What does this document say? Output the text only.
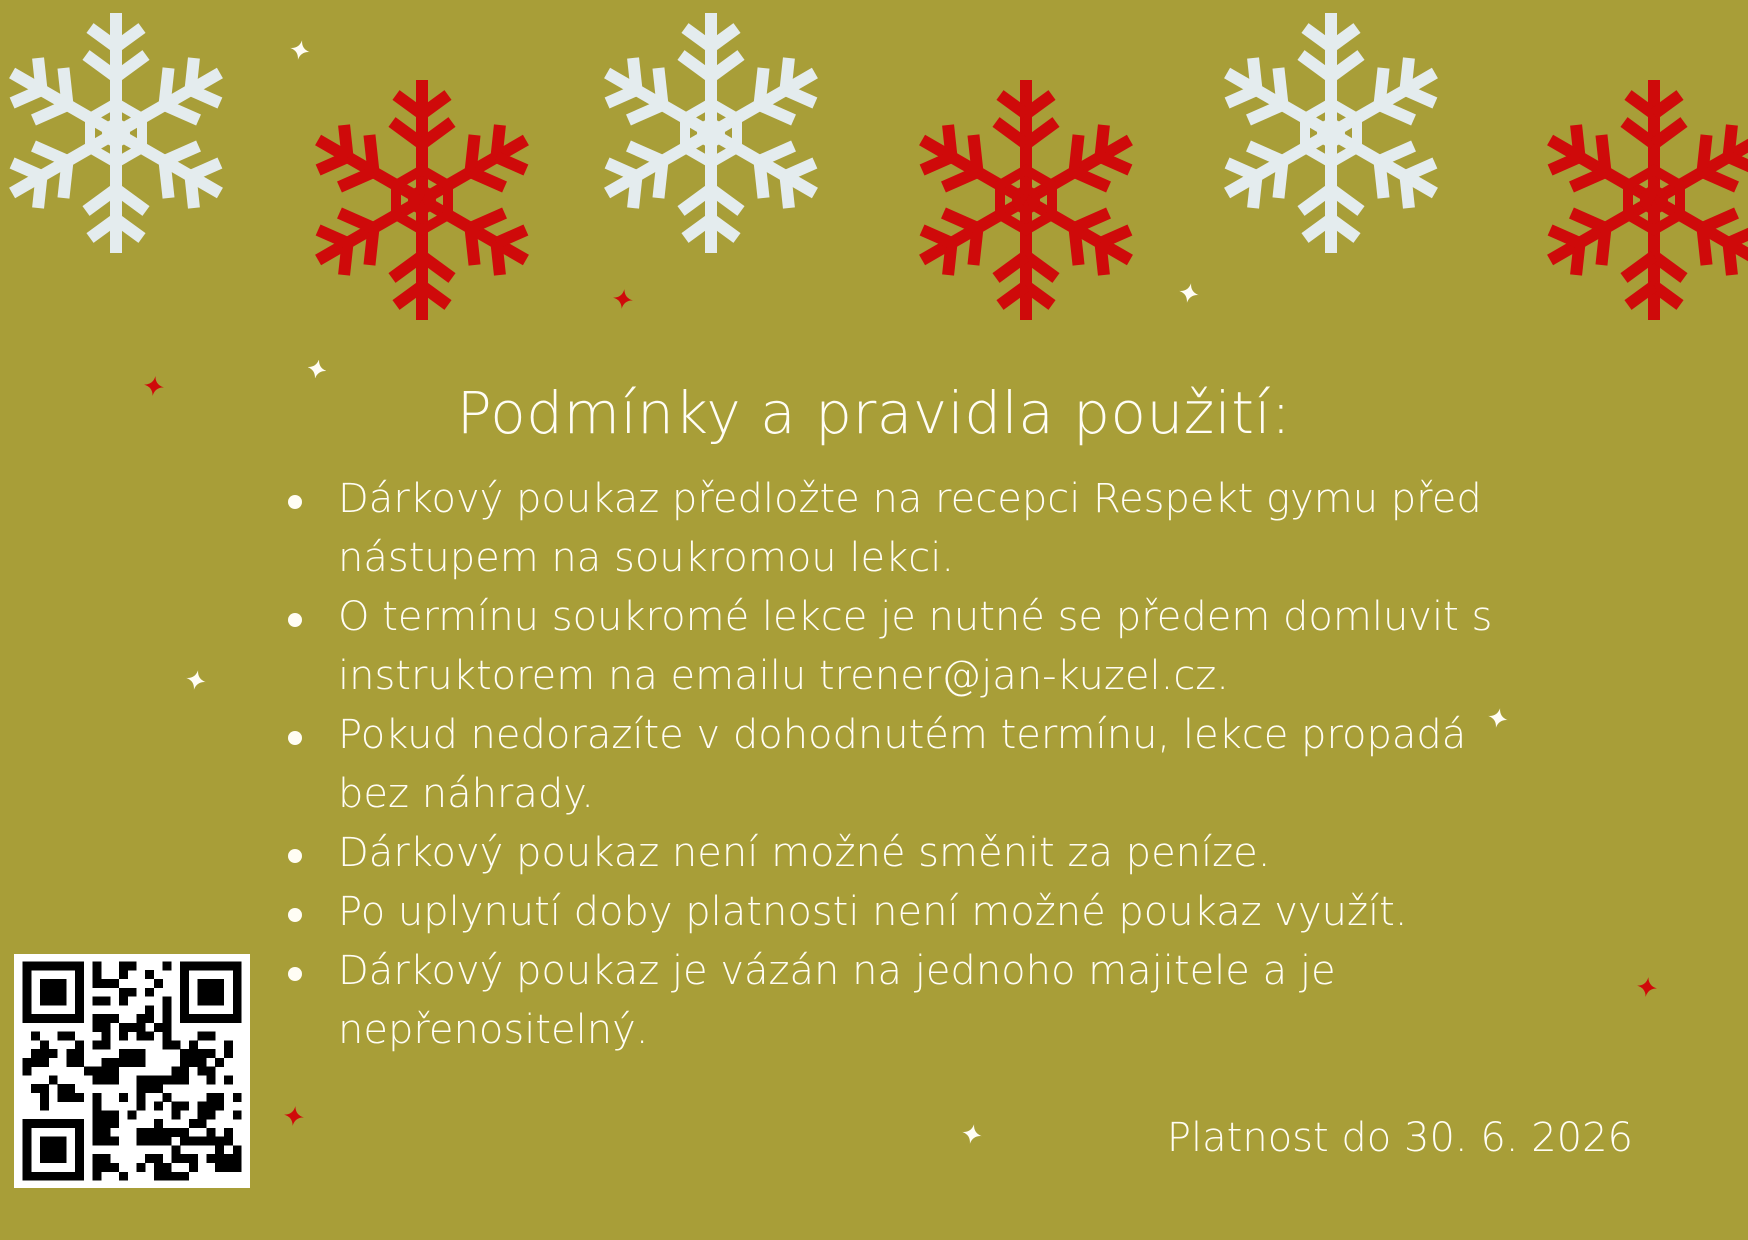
Podmínky a pravidla použití:
Dárkový poukaz předložte na recepci Respekt gymu před nástupem na soukromou lekci.
O termínu soukromé lekce je nutné se předem domluvit s instruktorem na emailu trener@jan-kuzel.cz.
Pokud nedorazíte v dohodnutém termínu, lekce propadá bez náhrady.
Dárkový poukaz není možné směnit za peníze.
Po uplynutí doby platnosti není možné poukaz využít.
Dárkový poukaz je vázán na jednoho majitele a je nepřenositelný.
Platnost do 30. 6. 2026
